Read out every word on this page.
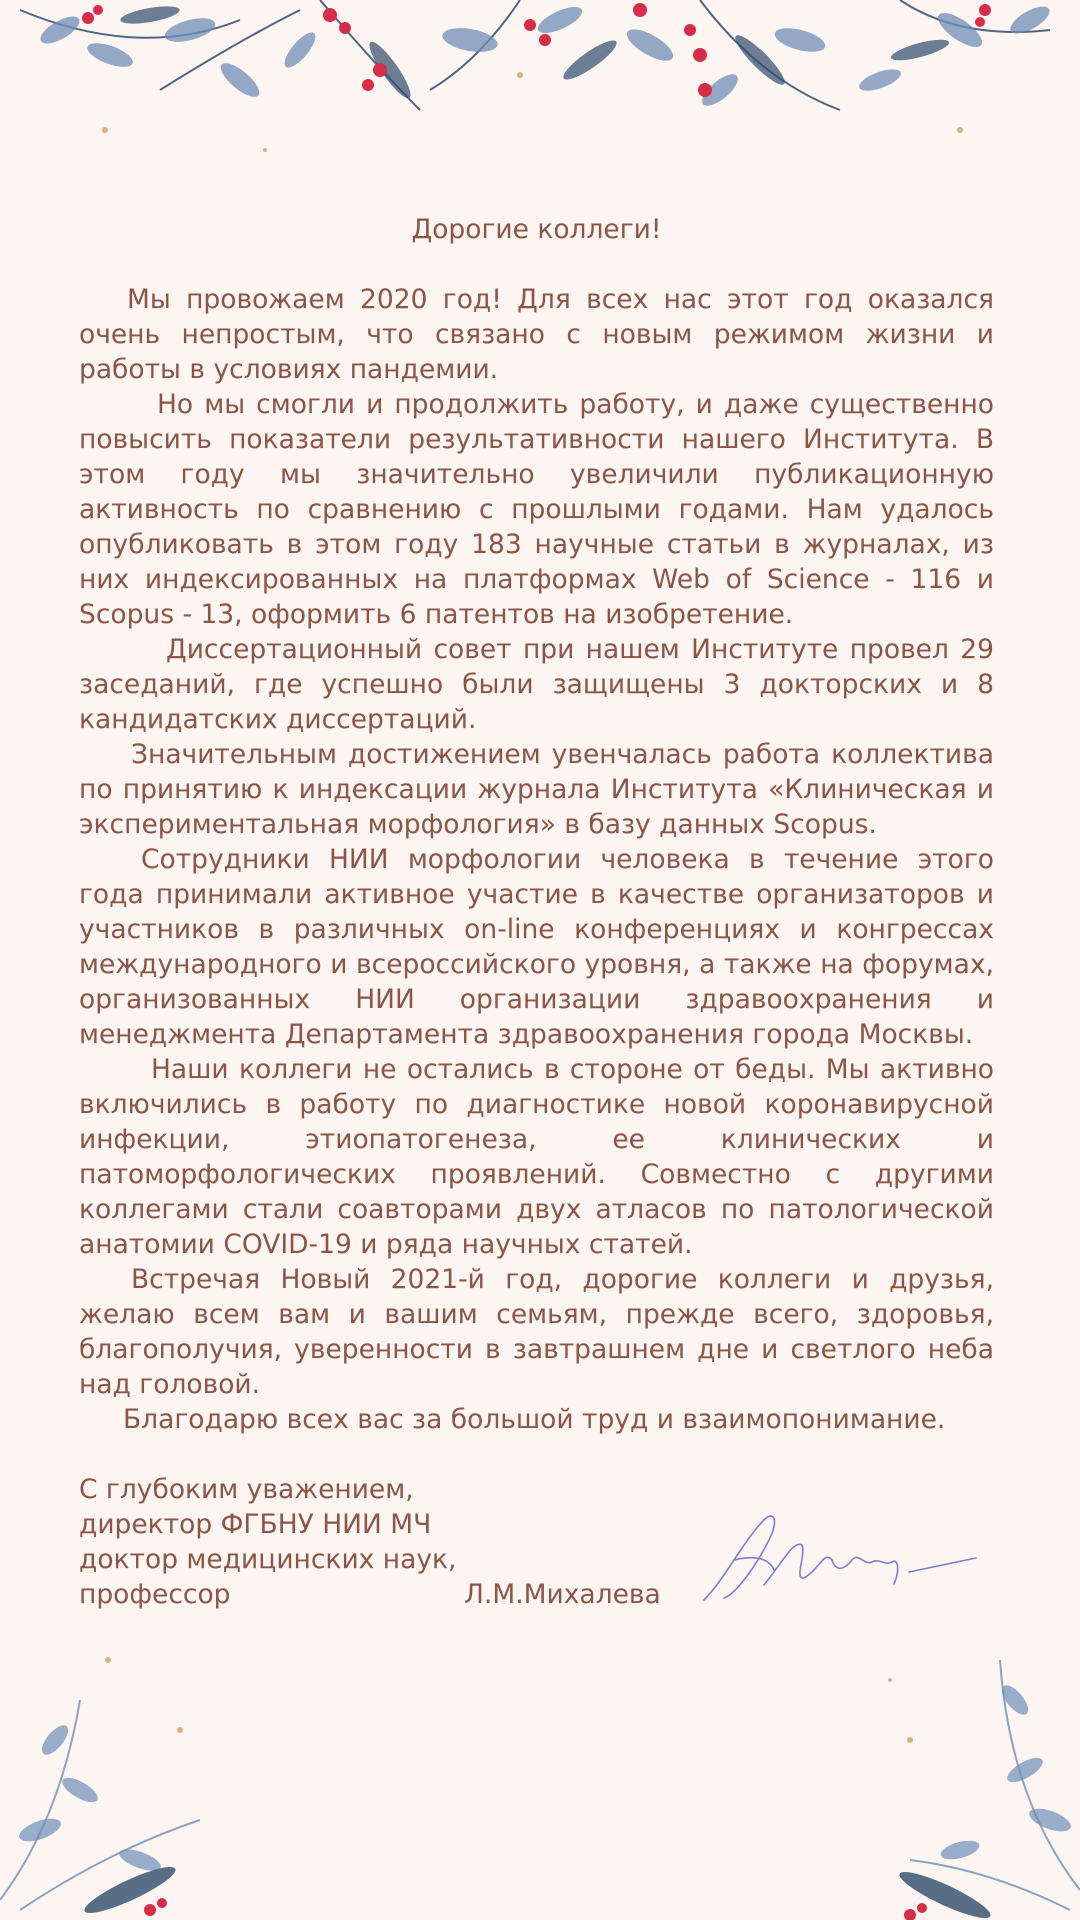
Дорогие коллеги!

Мы провожаем 2020 год! Для всех нас этот год оказался очень непростым, что связано с новым режимом жизни и работы в условиях пандемии.

Но мы смогли и продолжить работу, и даже существенно повысить показатели результативности нашего Института. В этом году мы значительно увеличили публикационную активность по сравнению с прошлыми годами. Нам удалось опубликовать в этом году 183 научные статьи в журналах, из них индексированных на платформах Web of Science - 116 и Scopus - 13, оформить 6 патентов на изобретение.

Диссертационный совет при нашем Институте провел 29 заседаний, где успешно были защищены 3 докторских и 8 кандидатских диссертаций.

Значительным достижением увенчалась работа коллектива по принятию к индексации журнала Института «Клиническая и экспериментальная морфология» в базу данных Scopus.

Сотрудники НИИ морфологии человека в течение этого года принимали активное участие в качестве организаторов и участников в различных on-line конференциях и конгрессах международного и всероссийского уровня, а также на форумах, организованных НИИ организации здравоохранения и менеджмента Департамента здравоохранения города Москвы.

Наши коллеги не остались в стороне от беды. Мы активно включились в работу по диагностике новой коронавирусной инфекции, этиопатогенеза, ее клинических и патоморфологических проявлений. Совместно с другими коллегами стали соавторами двух атласов по патологической анатомии COVID-19 и ряда научных статей.

Встречая Новый 2021-й год, дорогие коллеги и друзья, желаю всем вам и вашим семьям, прежде всего, здоровья, благополучия, уверенности в завтрашнем дне и светлого неба над головой.

Благодарю всех вас за большой труд и взаимопонимание.

С глубоким уважением,
директор ФГБНУ НИИ МЧ
доктор медицинских наук,
профессор	Л.М.Михалева
